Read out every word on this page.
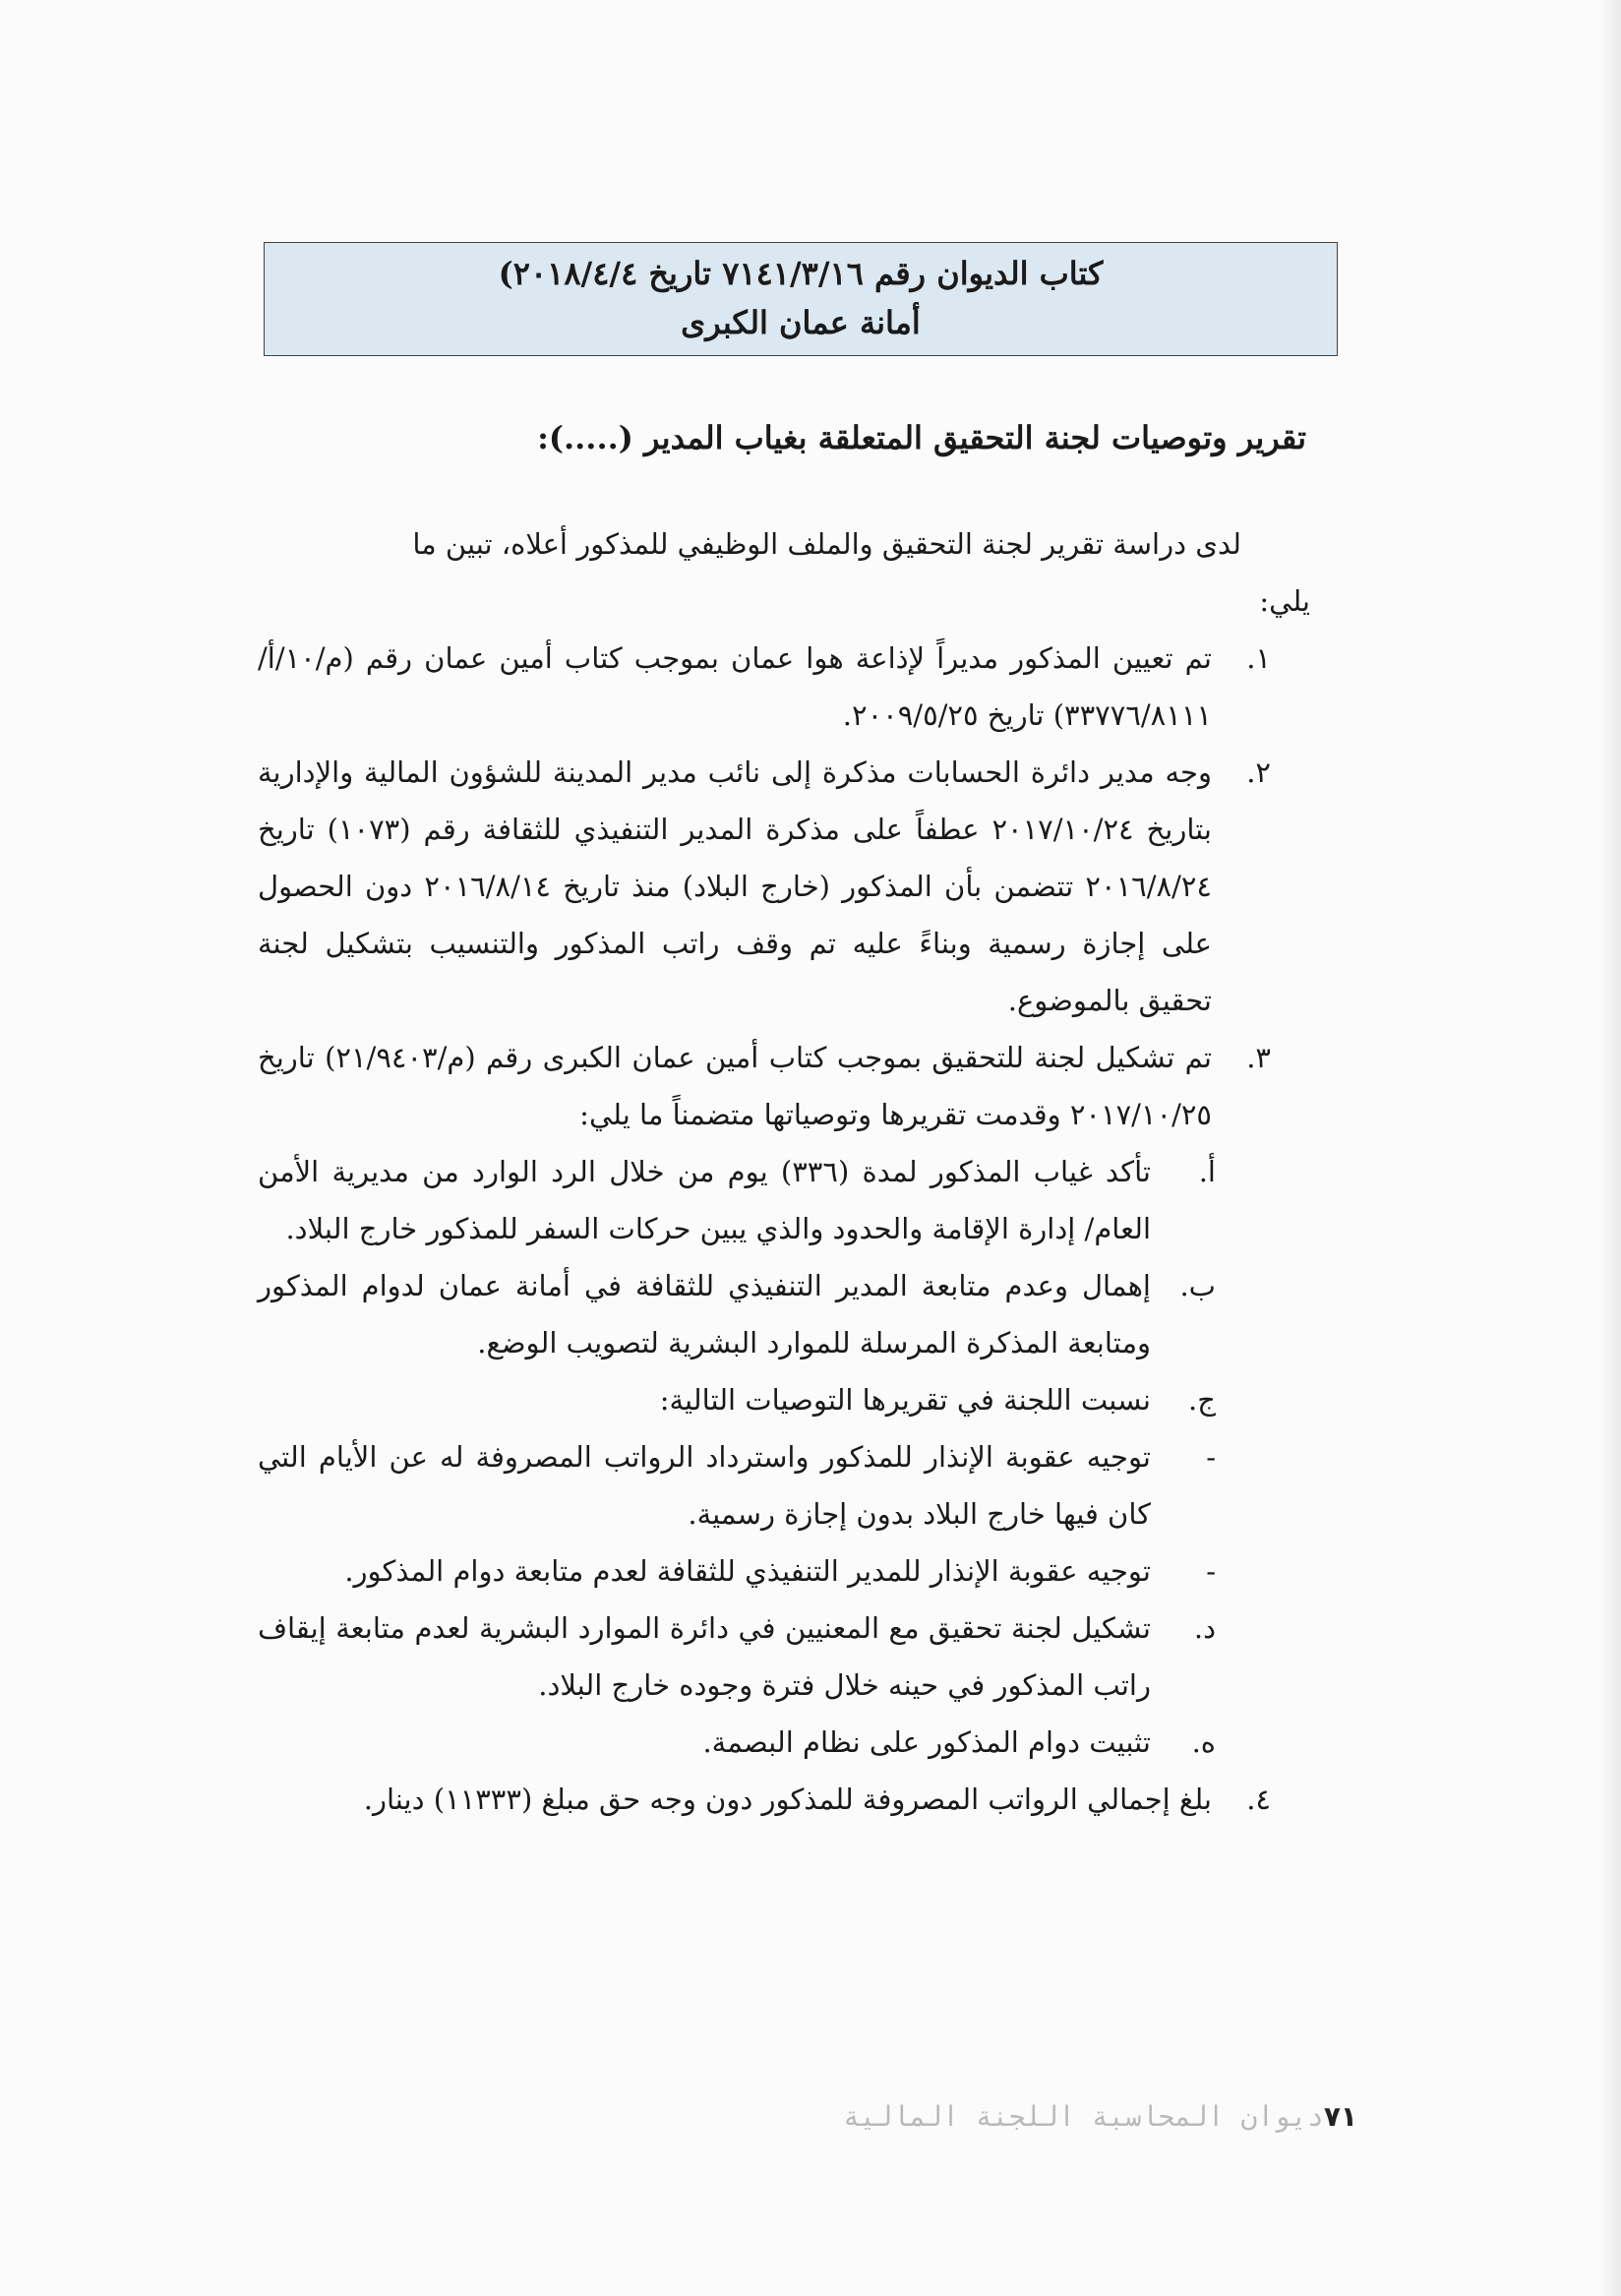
كتاب الديوان رقم ٧١٤١/٣/١٦ تاريخ ٢٠١٨/٤/٤)
أمانة عمان الكبرى
تقرير وتوصيات لجنة التحقيق المتعلقة بغياب المدير (.....):

لدى دراسة تقرير لجنة التحقيق والملف الوظيفي للمذكور أعلاه، تبين ما

يلي:

١.
تم تعيين المذكور مديراً لإذاعة هوا عمان بموجب كتاب أمين عمان رقم (م/١٠/أ/٣٣٧٧٦/٨١١١) تاريخ ٢٠٠٩/٥/٢٥.
٢.
وجه مدير دائرة الحسابات مذكرة إلى نائب مدير المدينة للشؤون المالية والإدارية بتاريخ ٢٠١٧/١٠/٢٤ عطفاً على مذكرة المدير التنفيذي للثقافة رقم (١٠٧٣) تاريخ ٢٠١٦/٨/٢٤ تتضمن بأن المذكور (خارج البلاد) منذ تاريخ ٢٠١٦/٨/١٤ دون الحصول على إجازة رسمية وبناءً عليه تم وقف راتب المذكور والتنسيب بتشكيل لجنة تحقيق بالموضوع.
٣.
تم تشكيل لجنة للتحقيق بموجب كتاب أمين عمان الكبرى رقم (م/٢١/٩٤٠٣) تاريخ ٢٠١٧/١٠/٢٥ وقدمت تقريرها وتوصياتها متضمناً ما يلي:
أ.
تأكد غياب المذكور لمدة (٣٣٦) يوم من خلال الرد الوارد من مديرية الأمن العام/ إدارة الإقامة والحدود والذي يبين حركات السفر للمذكور خارج البلاد.
ب.
إهمال وعدم متابعة المدير التنفيذي للثقافة في أمانة عمان لدوام المذكور ومتابعة المذكرة المرسلة للموارد البشرية لتصويب الوضع.
ج.
نسبت اللجنة في تقريرها التوصيات التالية:
-
توجيه عقوبة الإنذار للمذكور واسترداد الرواتب المصروفة له عن الأيام التي كان فيها خارج البلاد بدون إجازة رسمية.
-
توجيه عقوبة الإنذار للمدير التنفيذي للثقافة لعدم متابعة دوام المذكور.
د.
تشكيل لجنة تحقيق مع المعنيين في دائرة الموارد البشرية لعدم متابعة إيقاف راتب المذكور في حينه خلال فترة وجوده خارج البلاد.
ه.
تثبيت دوام المذكور على نظام البصمة.
٤.
بلغ إجمالي الرواتب المصروفة للمذكور دون وجه حق مبلغ (١١٣٣٣) دينار.
٧١ديوان المحاسبة اللجنة المالية
